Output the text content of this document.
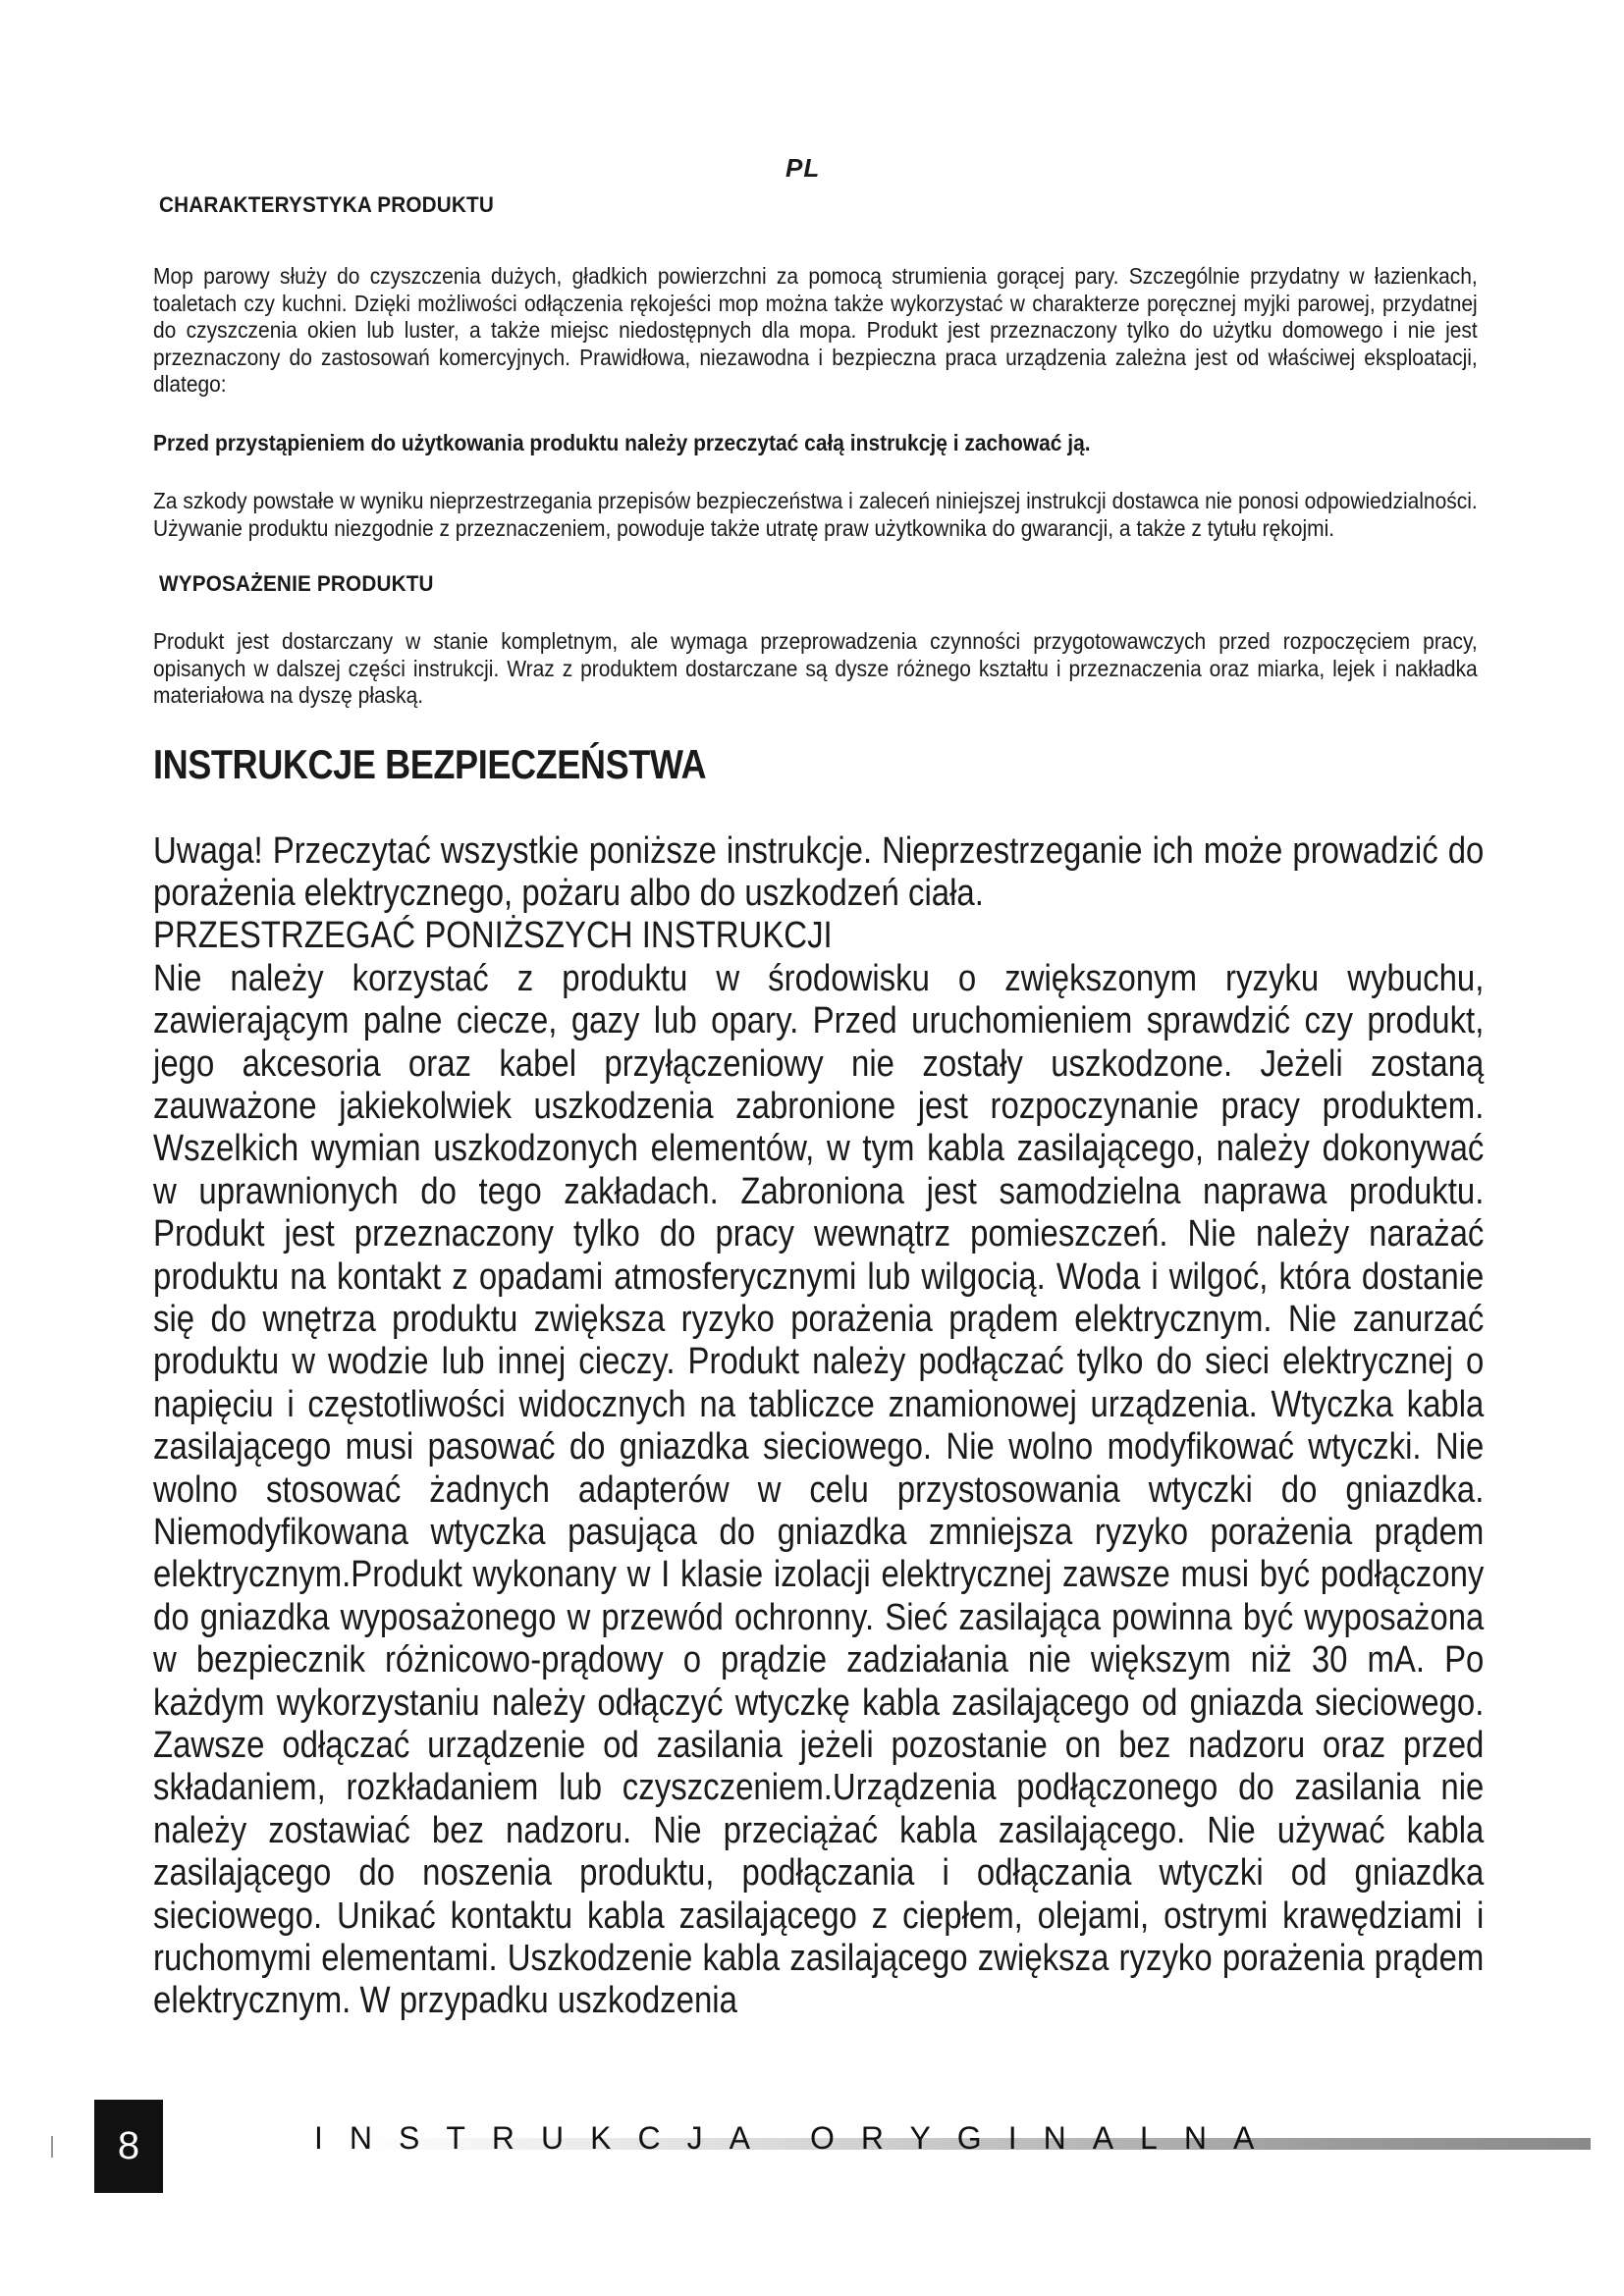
PL
CHARAKTERYSTYKA PRODUKTU

Mop parowy służy do czyszczenia dużych, gładkich powierzchni za pomocą strumienia gorącej pary. Szczególnie przydatny w łazienkach, toaletach czy kuchni. Dzięki możliwości odłączenia rękojeści mop można także wykorzystać w charakterze poręcznej myjki parowej, przydatnej do czyszczenia okien lub luster, a także miejsc niedostępnych dla mopa. Produkt jest przeznaczony tylko do użytku domowego i nie jest przeznaczony do zastosowań komercyjnych. Prawidłowa, niezawodna i bezpieczna praca urządzenia zależna jest od właściwej eksploatacji, dlatego:

Przed przystąpieniem do użytkowania produktu należy przeczytać całą instrukcję i zachować ją.

Za szkody powstałe w wyniku nieprzestrzegania przepisów bezpieczeństwa i zaleceń niniejszej instrukcji dostawca nie ponosi odpowiedzialności. Używanie produktu niezgodnie z przeznaczeniem, powoduje także utratę praw użytkownika do gwarancji, a także z tytułu rękojmi.

WYPOSAŻENIE PRODUKTU

Produkt jest dostarczany w stanie kompletnym, ale wymaga przeprowadzenia czynności przygotowawczych przed rozpoczęciem pracy, opisanych w dalszej części instrukcji. Wraz z produktem dostarczane są dysze różnego kształtu i przeznaczenia oraz miarka, lejek i nakładka materiałowa na dyszę płaską.

INSTRUKCJE BEZPIECZEŃSTWA

Uwaga! Przeczytać wszystkie poniższe instrukcje. Nieprzestrzeganie ich może prowadzić do porażenia elektrycznego, pożaru albo do uszkodzeń ciała.

PRZESTRZEGAĆ PONIŻSZYCH INSTRUKCJI

Nie należy korzystać z produktu w środowisku o zwiększonym ryzyku wybuchu, zawierającym palne ciecze, gazy lub opary. Przed uruchomieniem sprawdzić czy produkt, jego akcesoria oraz kabel przyłączeniowy nie zostały uszkodzone. Jeżeli zostaną zauważone jakiekolwiek uszkodzenia zabronione jest rozpoczynanie pracy produktem. Wszelkich wymian uszkodzonych elementów, w tym kabla zasilającego, należy dokonywać w uprawnionych do tego zakładach. Zabroniona jest samodzielna naprawa produktu. Produkt jest przeznaczony tylko do pracy wewnątrz pomieszczeń. Nie należy narażać produktu na kontakt z opadami atmosferycznymi lub wilgocią. Woda i wilgoć, która dostanie się do wnętrza produktu zwiększa ryzyko porażenia prądem elektrycznym. Nie zanurzać produktu w wodzie lub innej cieczy. Produkt należy podłączać tylko do sieci elektrycznej o napięciu i częstotliwości widocznych na tabliczce znamionowej urządzenia. Wtyczka kabla zasilającego musi pasować do gniazdka sieciowego. Nie wolno modyfikować wtyczki. Nie wolno stosować żadnych adapterów w celu przystosowania wtyczki do gniazdka. Niemodyfikowana wtyczka pasująca do gniazdka zmniejsza ryzyko porażenia prądem elektrycznym.Produkt wykonany w I klasie izolacji elektrycznej zawsze musi być podłączony do gniazdka wyposażonego w przewód ochronny. Sieć zasilająca powinna być wyposażona w bezpiecznik różnicowo-prądowy o prądzie zadziałania nie większym niż 30 mA. Po każdym wykorzystaniu należy odłączyć wtyczkę kabla zasilającego od gniazda sieciowego. Zawsze odłączać urządzenie od zasilania jeżeli pozostanie on bez nadzoru oraz przed składaniem, rozkładaniem lub czyszczeniem.Urządzenia podłączonego do zasilania nie należy zostawiać bez nadzoru. Nie przeciążać kabla zasilającego. Nie używać kabla zasilającego do noszenia produktu, podłączania i odłączania wtyczki od gniazdka sieciowego. Unikać kontaktu kabla zasilającego z ciepłem, olejami, ostrymi krawędziami i ruchomymi elementami. Uszkodzenie kabla zasilającego zwiększa ryzyko porażenia prądem elektrycznym. W przypadku uszkodzenia

8	INSTRUKCJA ORYGINALNA
